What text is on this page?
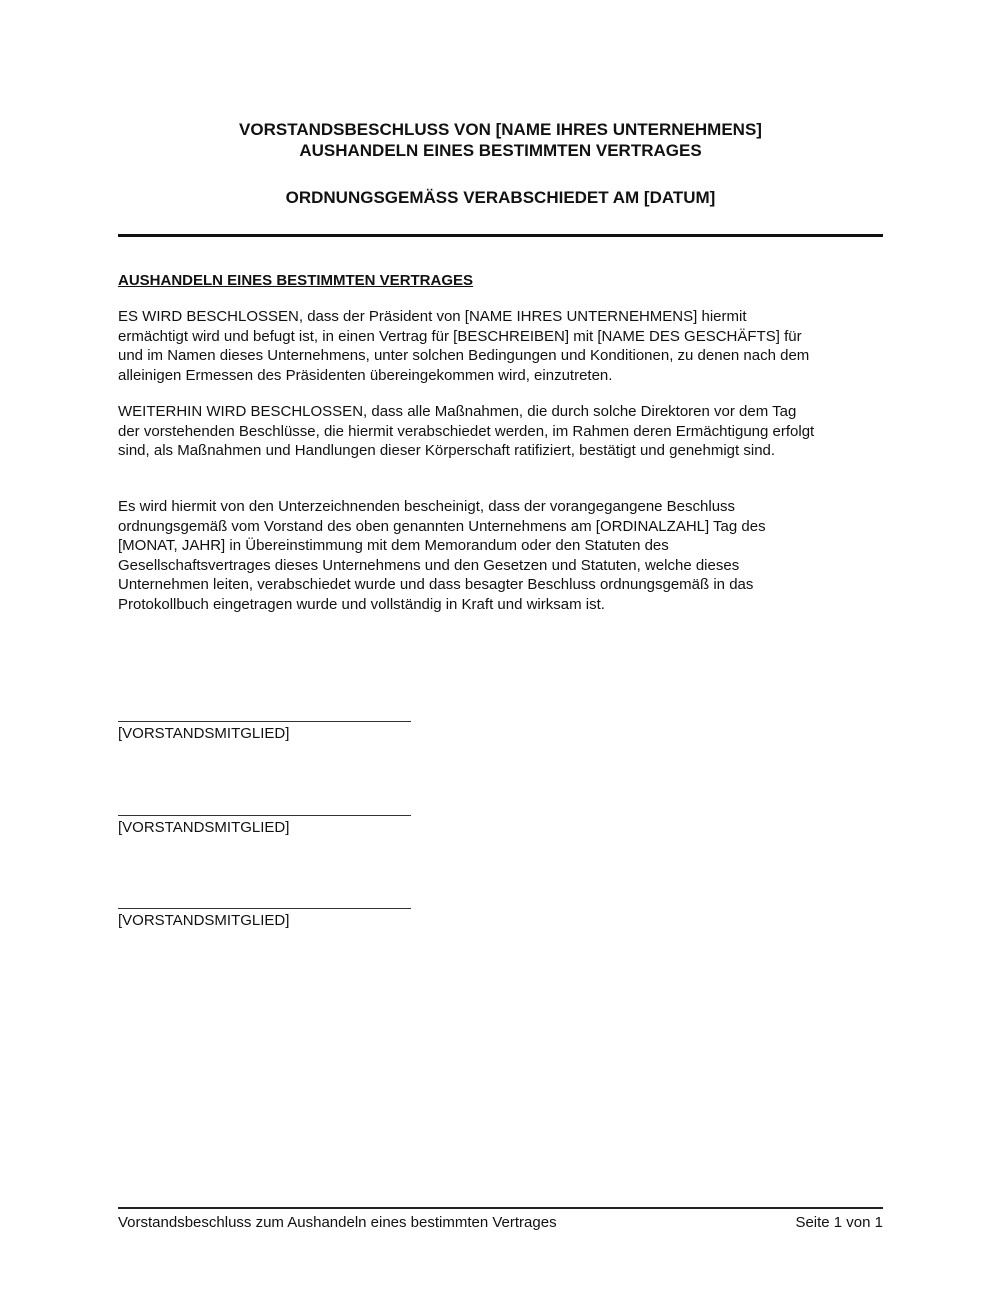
VORSTANDSBESCHLUSS VON [NAME IHRES UNTERNEHMENS]
AUSHANDELN EINES BESTIMMTEN VERTRAGES
ORDNUNGSGEMÄSS VERABSCHIEDET AM [DATUM]
AUSHANDELN EINES BESTIMMTEN VERTRAGES
ES WIRD BESCHLOSSEN, dass der Präsident von [NAME IHRES UNTERNEHMENS] hiermit
ermächtigt wird und befugt ist, in einen Vertrag für [BESCHREIBEN] mit [NAME DES GESCHÄFTS] für
und im Namen dieses Unternehmens, unter solchen Bedingungen und Konditionen, zu denen nach dem
alleinigen Ermessen des Präsidenten übereingekommen wird, einzutreten.
WEITERHIN WIRD BESCHLOSSEN, dass alle Maßnahmen, die durch solche Direktoren vor dem Tag
der vorstehenden Beschlüsse, die hiermit verabschiedet werden, im Rahmen deren Ermächtigung erfolgt
sind, als Maßnahmen und Handlungen dieser Körperschaft ratifiziert, bestätigt und genehmigt sind.
Es wird hiermit von den Unterzeichnenden bescheinigt, dass der vorangegangene Beschluss
ordnungsgemäß vom Vorstand des oben genannten Unternehmens am [ORDINALZAHL] Tag des
[MONAT, JAHR] in Übereinstimmung mit dem Memorandum oder den Statuten des
Gesellschaftsvertrages dieses Unternehmens und den Gesetzen und Statuten, welche dieses
Unternehmen leiten, verabschiedet wurde und dass besagter Beschluss ordnungsgemäß in das
Protokollbuch eingetragen wurde und vollständig in Kraft und wirksam ist.
[VORSTANDSMITGLIED]
[VORSTANDSMITGLIED]
[VORSTANDSMITGLIED]
Vorstandsbeschluss zum Aushandeln eines bestimmten Vertrages	Seite 1 von 1
